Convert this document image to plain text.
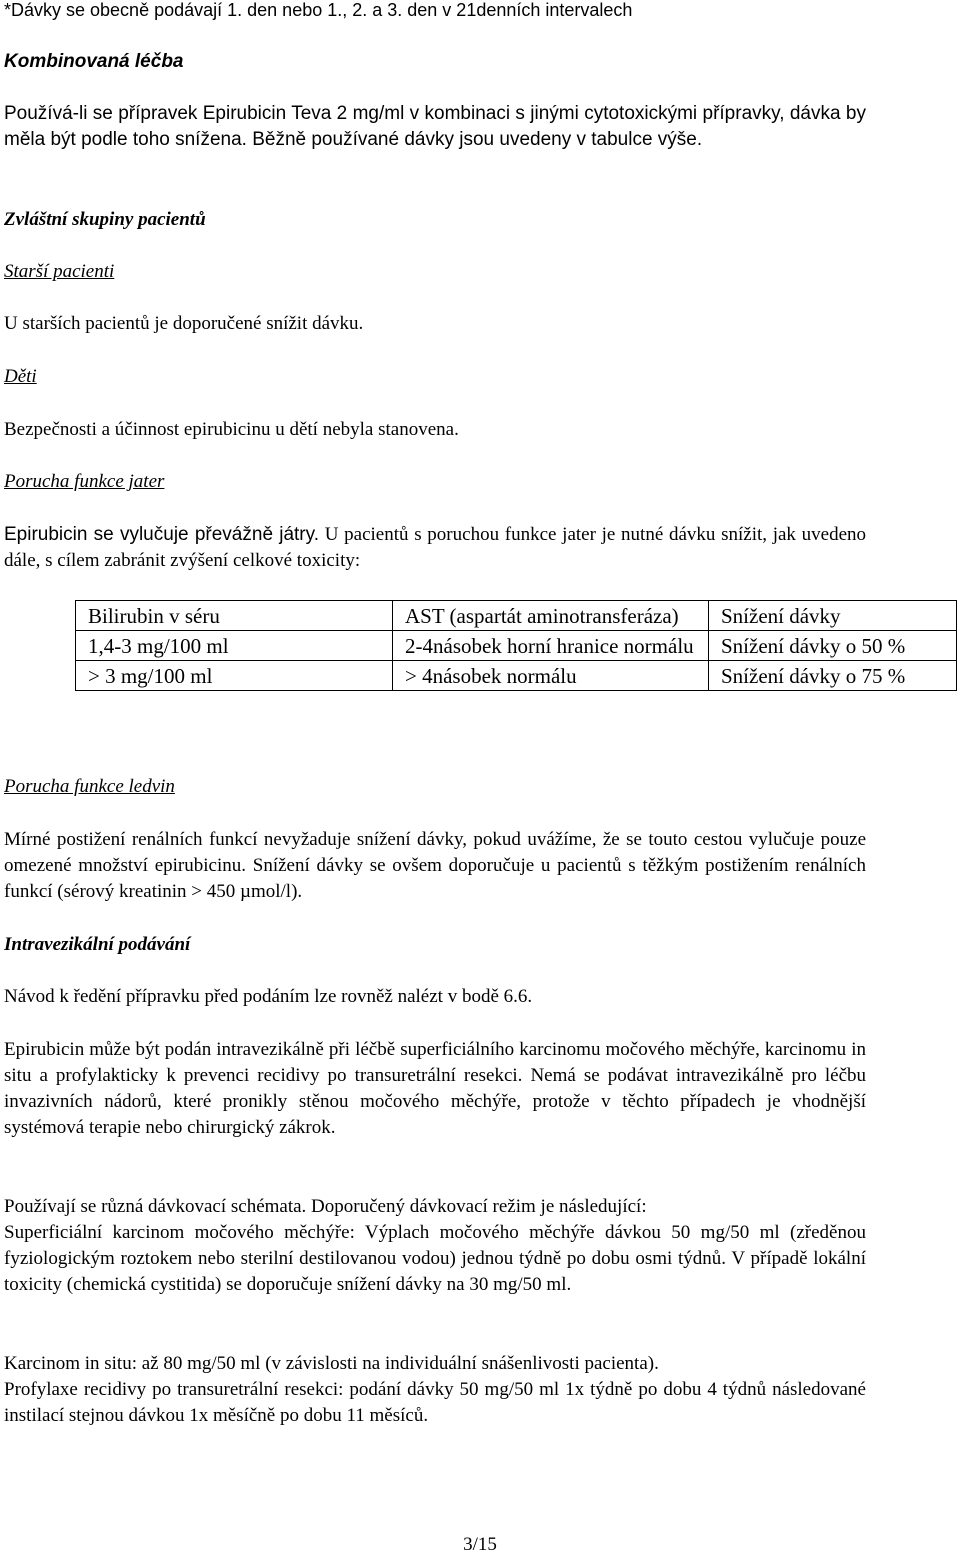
*Dávky se obecně podávají 1. den nebo 1., 2. a 3. den v 21denních intervalech

Kombinovaná léčba

Používá-li se přípravek Epirubicin Teva 2 mg/ml v kombinaci s jinými cytotoxickými přípravky, dávka by měla být podle toho snížena. Běžně používané dávky jsou uvedeny v tabulce výše.

Zvláštní skupiny pacientů

Starší pacienti

U starších pacientů je doporučené snížit dávku.

Děti

Bezpečnosti a účinnost epirubicinu u dětí nebyla stanovena.

Porucha funkce jater

Epirubicin se vylučuje převážně játry. U pacientů s poruchou funkce jater je nutné dávku snížit, jak uvedeno dále, s cílem zabránit zvýšení celkové toxicity:

Porucha funkce ledvin

Mírné postižení renálních funkcí nevyžaduje snížení dávky, pokud uvážíme, že se touto cestou vylučuje pouze omezené množství epirubicinu. Snížení dávky se ovšem doporučuje u pacientů s těžkým postižením renálních funkcí (sérový kreatinin > 450 µmol/l).

Intravezikální podávání

Návod k ředění přípravku před podáním lze rovněž nalézt v bodě 6.6.

Epirubicin může být podán intravezikálně při léčbě superficiálního karcinomu močového měchýře, karcinomu in situ a profylakticky k prevenci recidivy po transuretrální resekci. Nemá se podávat intravezikálně pro léčbu invazivních nádorů, které pronikly stěnou močového měchýře, protože v těchto případech je vhodnější systémová terapie nebo chirurgický zákrok.

Používají se různá dávkovací schémata. Doporučený dávkovací režim je následující:

Superficiální karcinom močového měchýře: Výplach močového měchýře dávkou 50 mg/50 ml (zředěnou fyziologickým roztokem nebo sterilní destilovanou vodou) jednou týdně po dobu osmi týdnů. V případě lokální toxicity (chemická cystitida) se doporučuje snížení dávky na 30 mg/50 ml.

Karcinom in situ: až 80 mg/50 ml (v závislosti na individuální snášenlivosti pacienta).

Profylaxe recidivy po transuretrální resekci: podání dávky 50 mg/50 ml 1x týdně po dobu 4 týdnů následované instilací stejnou dávkou 1x měsíčně po dobu 11 měsíců.

Bilirubin v séru	AST (aspartát aminotransferáza)	Snížení dávky
1,4-3 mg/100 ml	2-4násobek horní hranice normálu	Snížení dávky o 50 %
> 3 mg/100 ml	> 4násobek normálu	Snížení dávky o 75 %
3/15
